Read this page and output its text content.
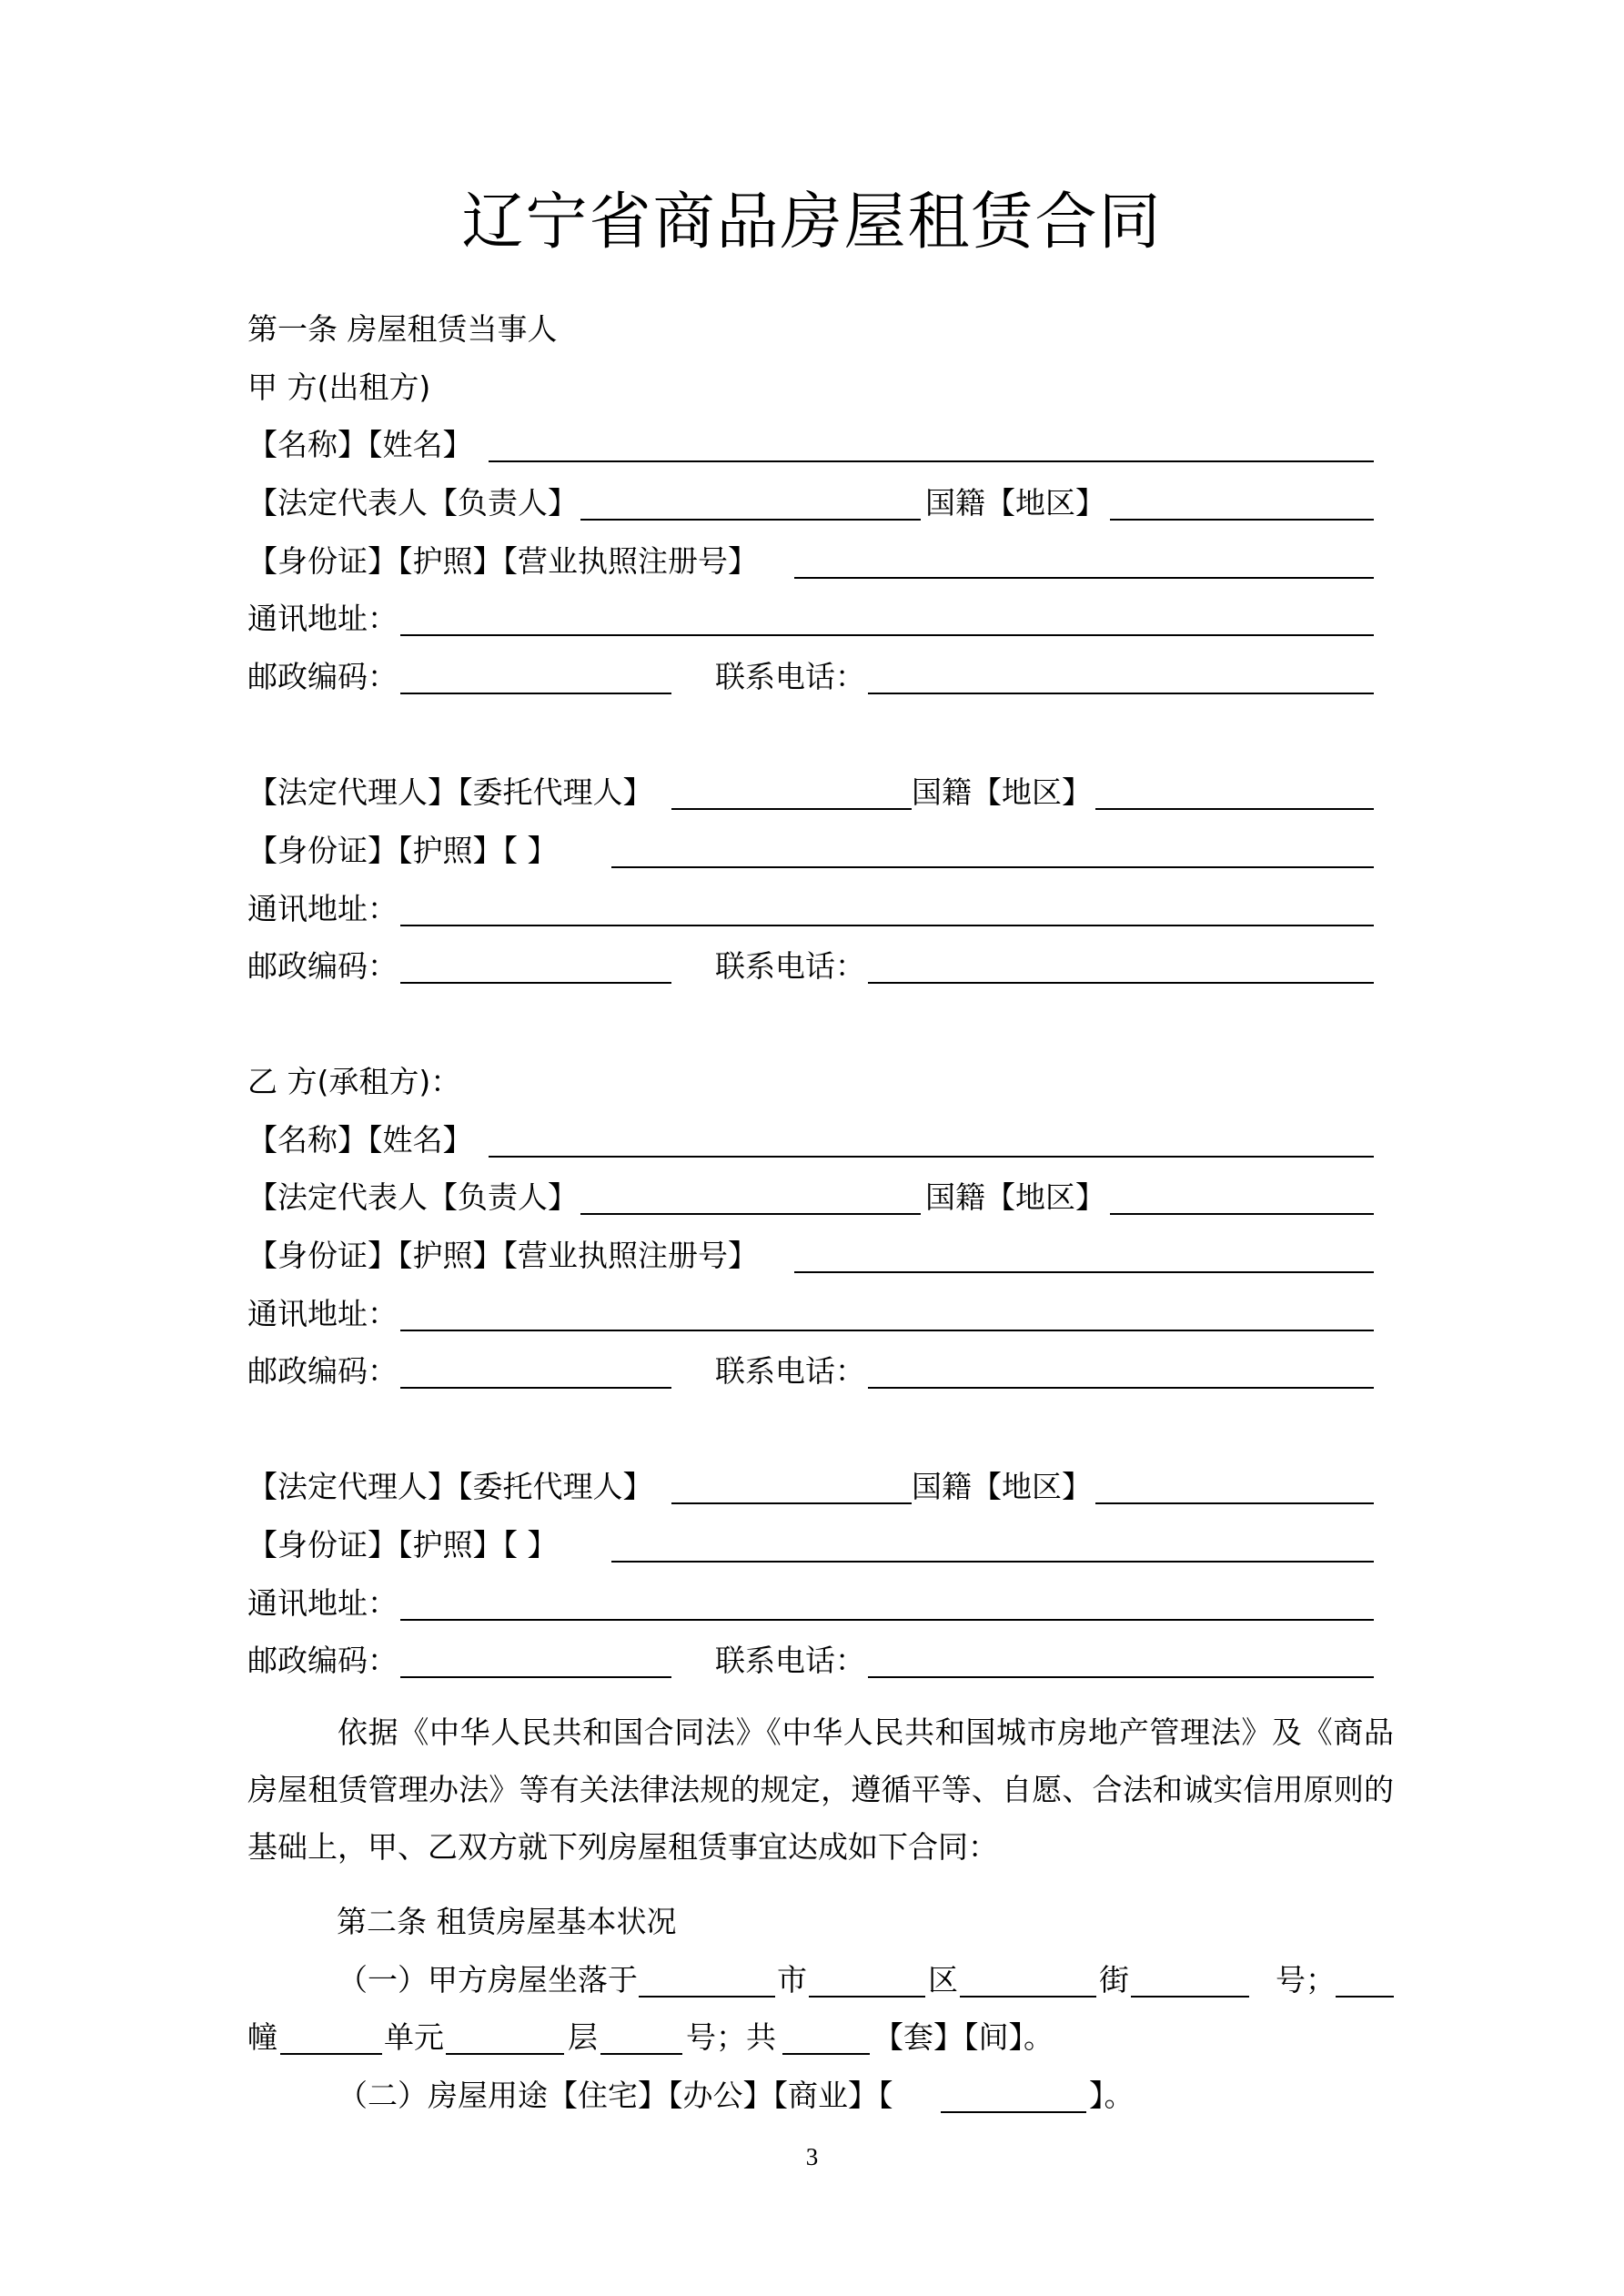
辽宁省商品房屋租赁合同
第一条 房屋租赁当事人
甲 方(出租方)
【名称】【姓名】
【法定代表人【负责人】	国籍【地区】
【身份证】【护照】【营业执照注册号】
通讯地址：
邮政编码：	联系电话：
【法定代理人】【委托代理人】	国籍【地区】
【身份证】【护照】【 】
通讯地址：
邮政编码：	联系电话：
乙 方(承租方)：
【名称】【姓名】
【法定代表人【负责人】	国籍【地区】
【身份证】【护照】【营业执照注册号】
通讯地址：
邮政编码：	联系电话：
【法定代理人】【委托代理人】	国籍【地区】
【身份证】【护照】【 】
通讯地址：
邮政编码：	联系电话：
依据《中华人民共和国合同法》《中华人民共和国城市房地产管理法》及《商品房屋租赁管理办法》等有关法律法规的规定，遵循平等、自愿、合法和诚实信用原则的基础上，甲、乙双方就下列房屋租赁事宜达成如下合同：
第二条 租赁房屋基本状况
（一）甲方房屋坐落于	市	区	街	号；
幢	单元	层	号；共	【套】【间】。
（二）房屋用途【住宅】【办公】【商业】【	】。
3
